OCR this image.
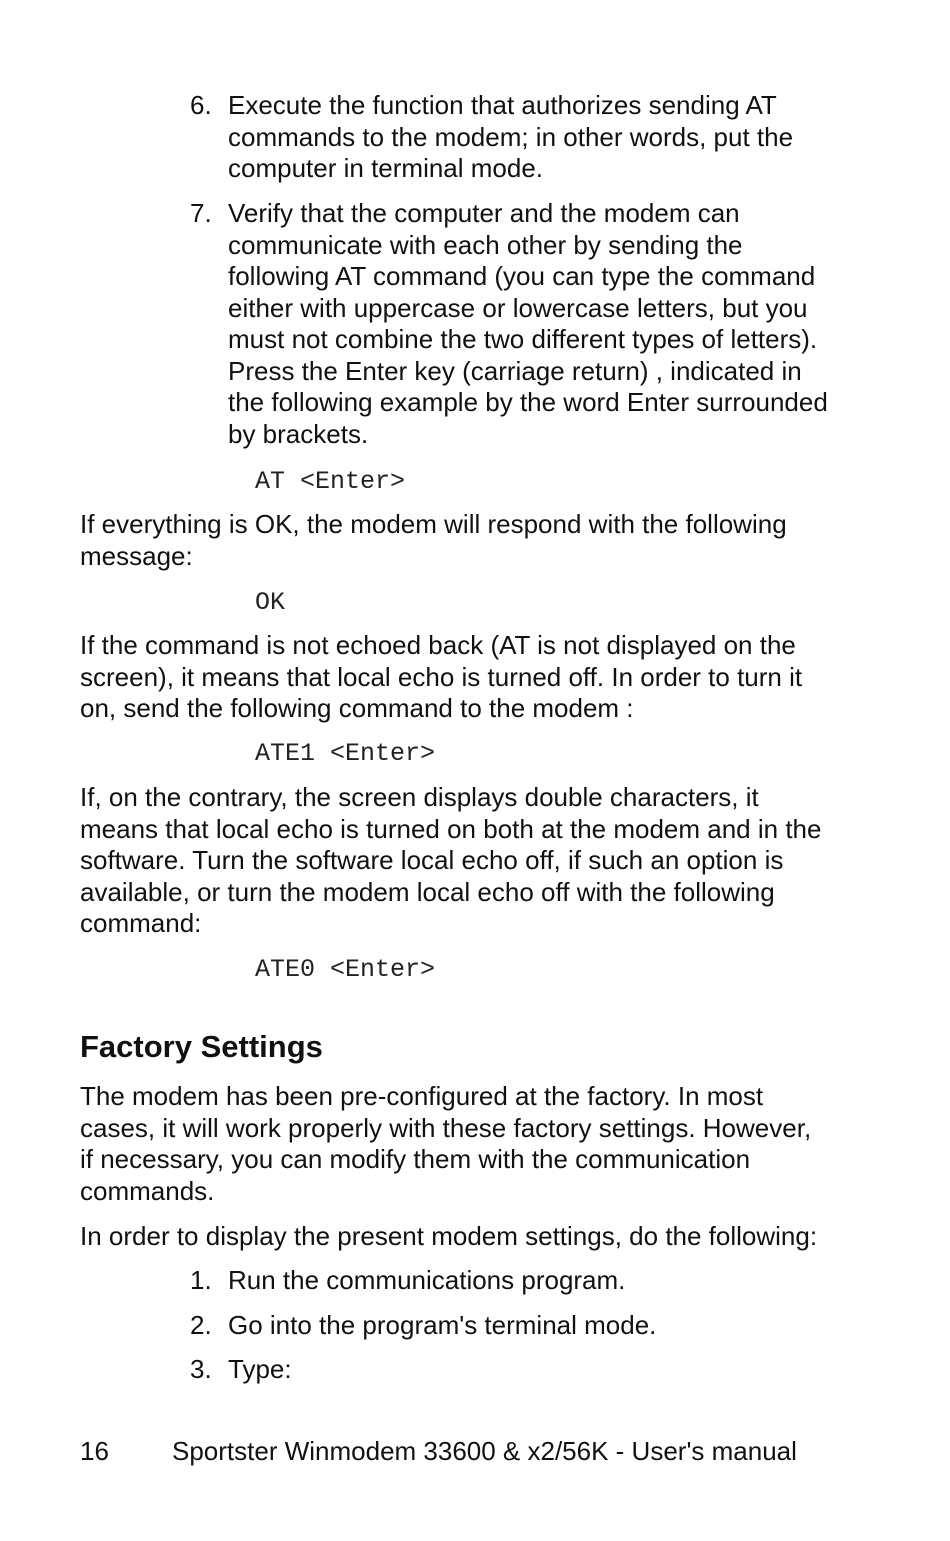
6. Execute the function that authorizes sending AT commands to the modem; in other words, put the computer in terminal mode.
7. Verify that the computer and the modem can communicate with each other by sending the following AT command (you can type the command either with uppercase or lowercase letters, but you must not combine the two different types of letters). Press the Enter key (carriage return) , indicated in the following example by the word Enter surrounded by brackets.
AT <Enter>
If everything is OK, the modem will respond with the following message:
OK
If the command is not echoed back (AT is not displayed on the screen), it means that local echo is turned off. In order to turn it on, send the following command to the modem :
ATE1 <Enter>
If, on the contrary, the screen displays double characters, it means that local echo is turned on both at the modem and in the software. Turn the software local echo off, if such an option is available, or turn the modem local echo off with the following command:
ATE0 <Enter>
Factory Settings
The modem has been pre-configured at the factory. In most cases, it will work properly with these factory settings. However, if necessary, you can modify them with the communication commands.
In order to display the present modem settings, do the following:
1. Run the communications program.
2. Go into the program's terminal mode.
3. Type:
16 Sportster Winmodem 33600 & x2/56K - User's manual
